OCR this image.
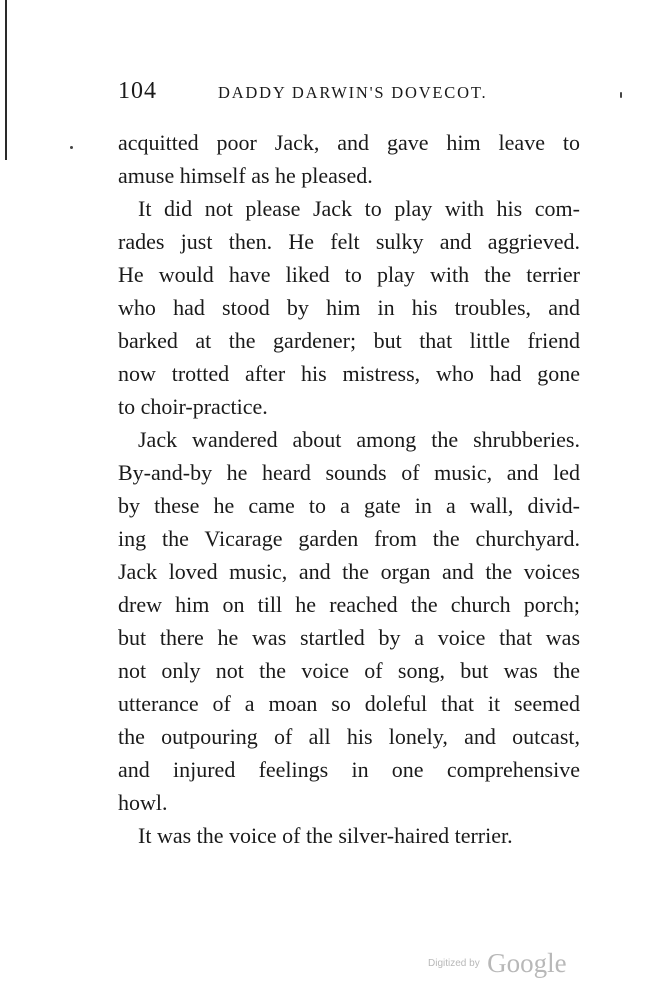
104	DADDY DARWIN'S DOVECOT.
acquitted poor Jack, and gave him leave to
amuse himself as he pleased.
It did not please Jack to play with his com-
rades just then. He felt sulky and aggrieved.
He would have liked to play with the terrier
who had stood by him in his troubles, and
barked at the gardener; but that little friend
now trotted after his mistress, who had gone
to choir-practice.
Jack wandered about among the shrubberies.
By-and-by he heard sounds of music, and led
by these he came to a gate in a wall, divid-
ing the Vicarage garden from the churchyard.
Jack loved music, and the organ and the voices
drew him on till he reached the church porch;
but there he was startled by a voice that was
not only not the voice of song, but was the
utterance of a moan so doleful that it seemed
the outpouring of all his lonely, and outcast,
and injured feelings in one comprehensive
howl.
It was the voice of the silver-haired terrier.
Digitized by Google
